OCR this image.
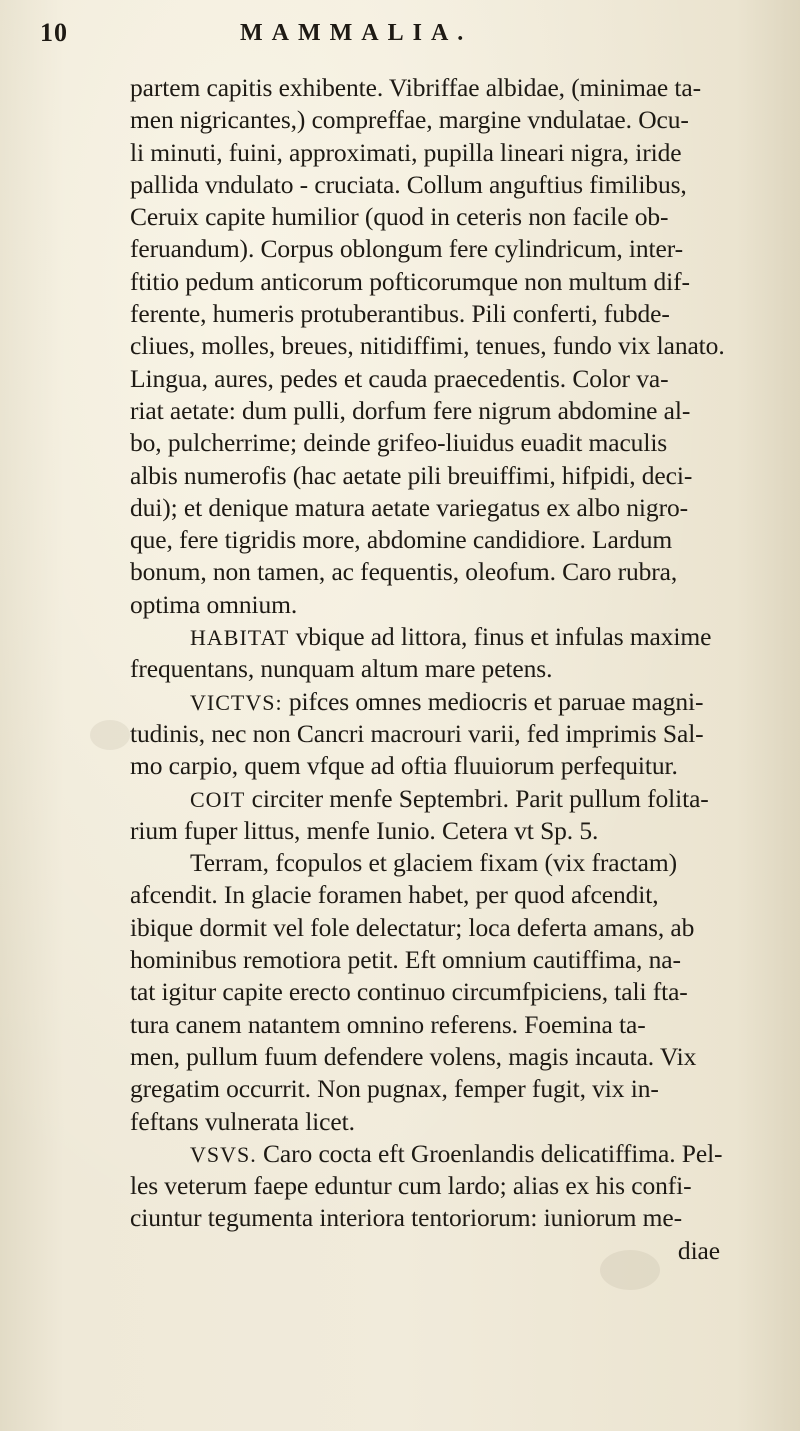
10	MAMMALIA.
partem capitis exhibente. Vibriffae albidae, (minimae ta-
men nigricantes,) compreffae, margine vndulatae. Ocu-
li minuti, fuini, approximati, pupilla lineari nigra, iride
pallida vndulato - cruciata. Collum anguftius fimilibus,
Ceruix capite humilior (quod in ceteris non facile ob-
feruandum). Corpus oblongum fere cylindricum, inter-
ftitio pedum anticorum pofticorumque non multum dif-
ferente, humeris protuberantibus. Pili conferti, fubde-
cliues, molles, breues, nitidiffimi, tenues, fundo vix lanato.
Lingua, aures, pedes et cauda praecedentis. Color va-
riat aetate: dum pulli, dorfum fere nigrum abdomine al-
bo, pulcherrime; deinde grifeo-liuidus euadit maculis
albis numerofis (hac aetate pili breuiffimi, hifpidi, deci-
dui); et denique matura aetate variegatus ex albo nigro-
que, fere tigridis more, abdomine candidiore. Lardum
bonum, non tamen, ac fequentis, oleofum. Caro rubra,
optima omnium.
HABITAT vbique ad littora, finus et infulas maxime
frequentans, nunquam altum mare petens.
VICTVS: pifces omnes mediocris et paruae magni-
tudinis, nec non Cancri macrouri varii, fed imprimis Sal-
mo carpio, quem vfque ad oftia fluuiorum perfequitur.
COIT circiter menfe Septembri. Parit pullum folita-
rium fuper littus, menfe Iunio. Cetera vt Sp. 5.
Terram, fcopulos et glaciem fixam (vix fractam)
afcendit. In glacie foramen habet, per quod afcendit,
ibique dormit vel fole delectatur; loca deferta amans, ab
hominibus remotiora petit. Eft omnium cautiffima, na-
tat igitur capite erecto continuo circumfpiciens, tali fta-
tura canem natantem omnino referens. Foemina ta-
men, pullum fuum defendere volens, magis incauta. Vix
gregatim occurrit. Non pugnax, femper fugit, vix in-
feftans vulnerata licet.
VSVS. Caro cocta eft Groenlandis delicatiffima. Pel-
les veterum faepe eduntur cum lardo; alias ex his confi-
ciuntur tegumenta interiora tentoriorum: iuniorum me-
diae
